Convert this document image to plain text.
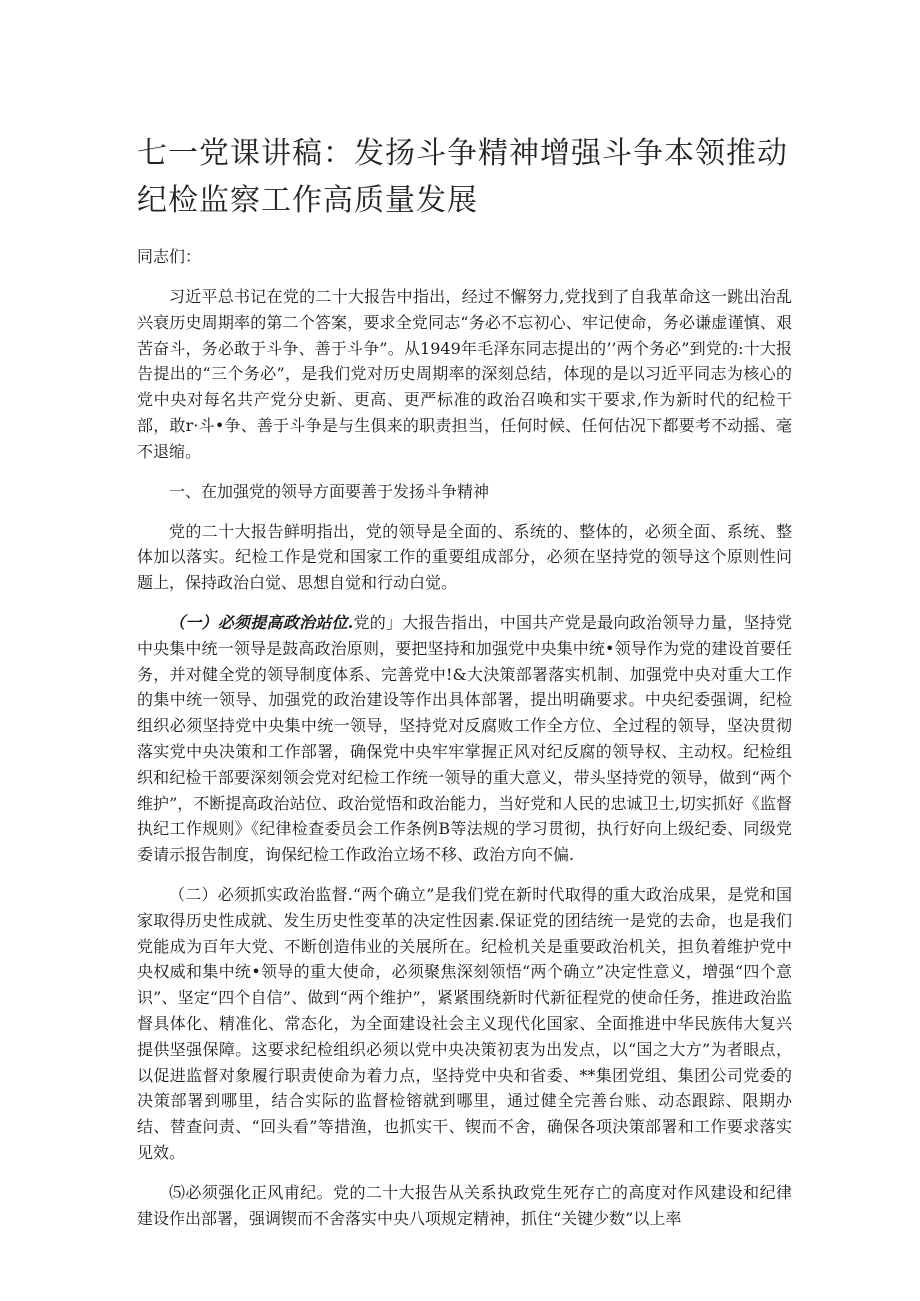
七一党课讲稿：发扬斗争精神增强斗争本领推动纪检监察工作高质量发展

同志们：

习近平总书记在党的二十大报告中指出，经过不懈努力,党找到了自我革命这一跳出治乱兴衰历史周期率的第二个答案，要求全党同志“务必不忘初心、牢记使命，务必谦虚谨慎、艰苦奋斗，务必敢于斗争、善于斗争”。从1949年毛泽东同志提出的’’两个务必”到党的:十大报告提出的“三个务必”，是我们党对历史周期率的深刻总结，体现的是以习近平同志为核心的党中央对每名共产党分史新、更高、更严标准的政治召唤和实干要求,作为新时代的纪检干部，敢r·斗•争、善于斗争是与生俱来的职责担当，任何时候、任何估况下都要考不动摇、毫不退缩。

一、在加强党的领导方面要善于发扬斗争精神

党的二十大报告鲜明指出，党的领导是全面的、系统的、整体的，必须全面、系统、整体加以落实。纪检工作是党和国家工作的重要组成部分，必须在坚持党的领导这个原则性问题上，保持政治白觉、思想自觉和行动白觉。

（一）必须提高政治站位.党的」大报告指出，中国共产党是最向政治领导力量，坚持党中央集中统一领导是鼓高政治原则，要把坚持和加强党中央集中统•领导作为党的建设首要任务，并对健全党的领导制度体系、完善党中!&大決策部署落实机制、加强党中央对重大工作的集中统一领导、加强党的政治建设等作出具体部署，提出明确要求。中央纪委强调，纪检组织必须坚持党中央集中统一领导，坚持党对反腐败工作全方位、全过程的领导，坚决贯彻落实党中央决策和工作部署，确保党中央牢牢掌握正风对纪反腐的领导权、主动权。纪检组织和纪检干部要深刻领会党对纪检工作统一领导的重大意义，带头坚持党的领导，做到“两个维护”，不断提高政治站位、政治觉悟和政治能力，当好党和人民的忠诚卫士,切实抓好《监督执纪工作规则》《纪律检查委员会工作条例B等法规的学习贯彻，执行好向上级纪委、同级党委请示报告制度，询保纪检工作政治立场不移、政治方向不偏.

（二）必须抓实政治监督.“两个确立”是我们党在新时代取得的重大政治成果，是党和国家取得历史性成就、发生历史性变革的决定性因素.保证党的团结统一是党的去命，也是我们党能成为百年大党、不断创造伟业的关展所在。纪检机关是重要政治机关，担负着维护党中央权威和集中统•领导的重大使命，必须聚焦深刻领悟“两个确立”决定性意义，增强“四个意识”、坚定“四个自信”、做到“两个维护”，紧紧围绕新时代新征程党的使命任务，推进政治监督具体化、精准化、常态化，为全面建设社会主义现代化国家、全面推进中华民族伟大复兴提供坚强保障。这要求纪检组织必须以党中央决策初衷为出发点，以“国之大方”为者眼点，以促进监督对象履行职责使命为着力点，坚持党中央和省委、**集团党组、集团公司党委的决策部署到哪里，结合实际的监督检镕就到哪里，通过健全完善台账、动态跟踪、限期办结、替查问责、“回头看”等措渔，也抓实干、锲而不舍，确保各项決策部署和工作要求落实见效。

⑸必须强化正风甫纪。党的二十大报告从关系执政党生死存亡的高度对作风建设和纪律建设作出部署，强调锲而不舍落实中央八项规定精神，抓住“关键少数”以上率
